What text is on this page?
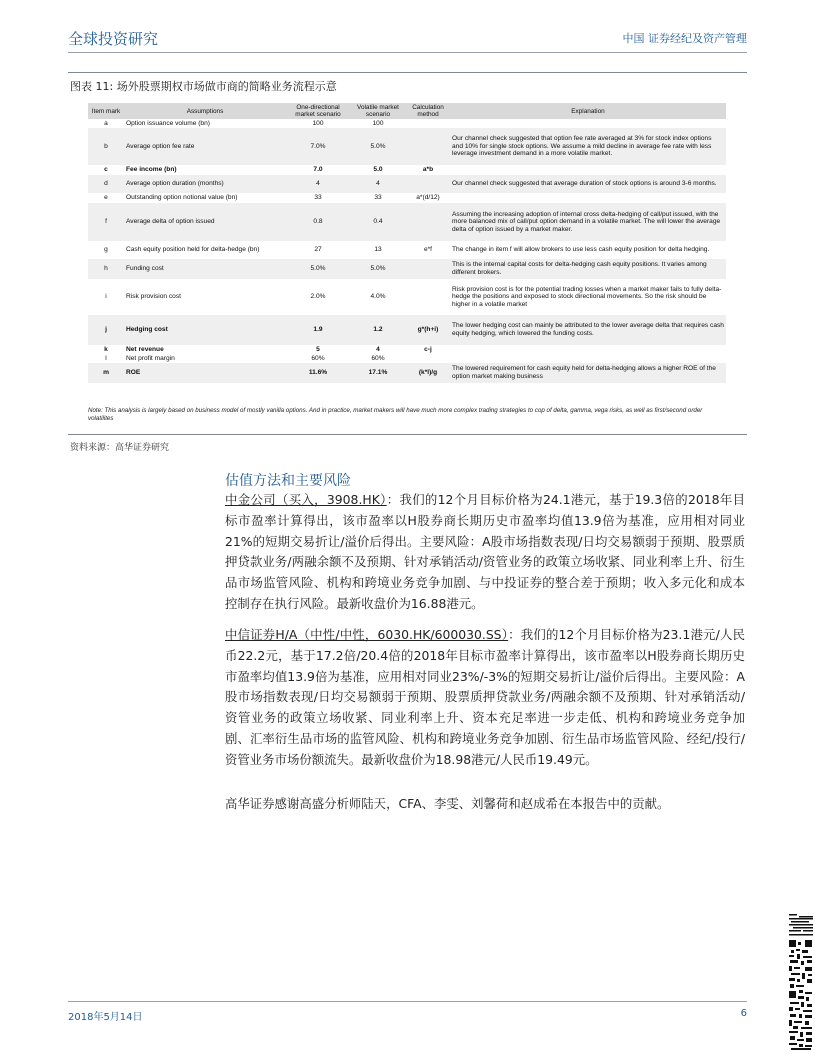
全球投资研究	中国 证券经纪及资产管理
图表 11: 场外股票期权市场做市商的简略业务流程示意
Item mark	Assumptions	One-directional market scenario	Volatile market scenario	Calculation method	Explanation
a	Option issuance volume (bn)	100	100		
b	Average option fee rate	7.0%	5.0%		Our channel check suggested that option fee rate averaged at 3% for stock index options and 10% for single stock options. We assume a mild decline in average fee rate with less leverage investment demand in a more volatile market.
c	Fee income (bn)	7.0	5.0	a*b	
d	Average option duration (months)	4	4		Our channel check suggested that average duration of stock options is around 3-6 months.
e	Outstanding option notional value (bn)	33	33	a*(d/12)	
f	Average delta of option issued	0.8	0.4		Assuming the increasing adoption of internal cross delta-hedging of call/put issued, with the more balanced mix of call/put option demand in a volatile market. The will lower the average delta of option issued by a market maker.
g	Cash equity position held for delta-hedge (bn)	27	13	e*f	The change in item f will allow brokers to use less cash equity position for delta hedging.
h	Funding cost	5.0%	5.0%		This is the internal capital costs for delta-hedging cash equity positions. It varies among different brokers.
i	Risk provision cost	2.0%	4.0%		Risk provision cost is for the potential trading losses when a market maker fails to fully delta-hedge the positions and exposed to stock directional movements. So the risk should be higher in a volatile market
j	Hedging cost	1.9	1.2	g*(h+i)	The lower hedging cost can mainly be attributed to the lower average delta that requires cash equity hedging, which lowered the funding costs.
k	Net revenue	5	4	c-j	
l	Net profit margin	60%	60%		
m	ROE	11.6%	17.1%	(k*l)/g	The lowered requirement for cash equity held for delta-hedging allows a higher ROE of the option market making business
Note: This analysis is largely based on business model of mostly vanilla options. And in practice, market makers will have much more complex trading strategies to cop of delta, gamma, vega risks, as well as first/second order volatilites
资料来源：高华证券研究
估值方法和主要风险
中金公司（买入，3908.HK）：我们的12个月目标价格为24.1港元，基于19.3倍的2018年目标市盈率计算得出，该市盈率以H股券商长期历史市盈率均值13.9倍为基准，应用相对同业21%的短期交易折让/溢价后得出。主要风险：A股市场指数表现/日均交易额弱于预期、股票质押贷款业务/两融余额不及预期、针对承销活动/资管业务的政策立场收紧、同业利率上升、衍生品市场监管风险、机构和跨境业务竞争加剧、与中投证券的整合差于预期；收入多元化和成本控制存在执行风险。最新收盘价为16.88港元。
中信证券H/A（中性/中性，6030.HK/600030.SS）：我们的12个月目标价格为23.1港元/人民币22.2元，基于17.2倍/20.4倍的2018年目标市盈率计算得出，该市盈率以H股券商长期历史市盈率均值13.9倍为基准，应用相对同业23%/-3%的短期交易折让/溢价后得出。主要风险：A股市场指数表现/日均交易额弱于预期、股票质押贷款业务/两融余额不及预期、针对承销活动/资管业务的政策立场收紧、同业利率上升、资本充足率进一步走低、机构和跨境业务竞争加剧、汇率衍生品市场的监管风险、机构和跨境业务竞争加剧、衍生品市场监管风险、经纪/投行/资管业务市场份额流失。最新收盘价为18.98港元/人民币19.49元。
高华证券感谢高盛分析师陆天，CFA、李雯、刘馨荷和赵成希在本报告中的贡献。
2018年5月14日	6
